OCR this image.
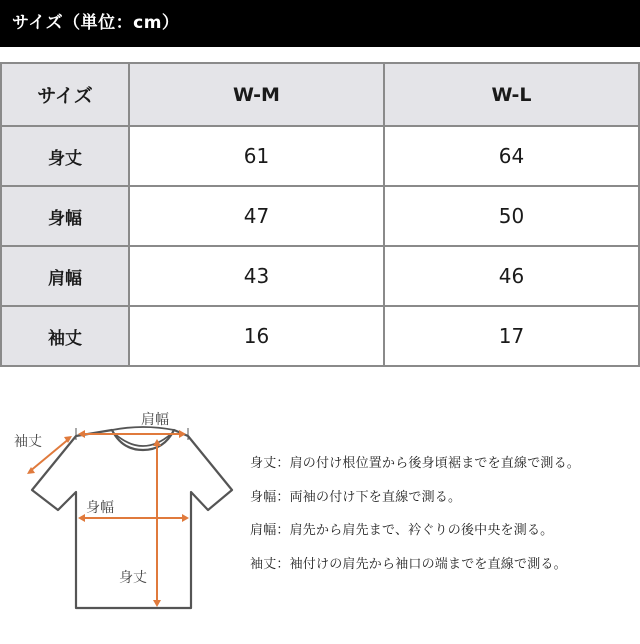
サイズ（単位：cm）
サイズ	W-M	W-L
身丈	61	64
身幅	47	50
肩幅	43	46
袖丈	16	17
肩幅
袖丈
身幅
身丈
身丈：肩の付け根位置から後身頃裾までを直線で測る。
身幅：両袖の付け下を直線で測る。
肩幅：肩先から肩先まで、衿ぐりの後中央を測る。
袖丈：袖付けの肩先から袖口の端までを直線で測る。
